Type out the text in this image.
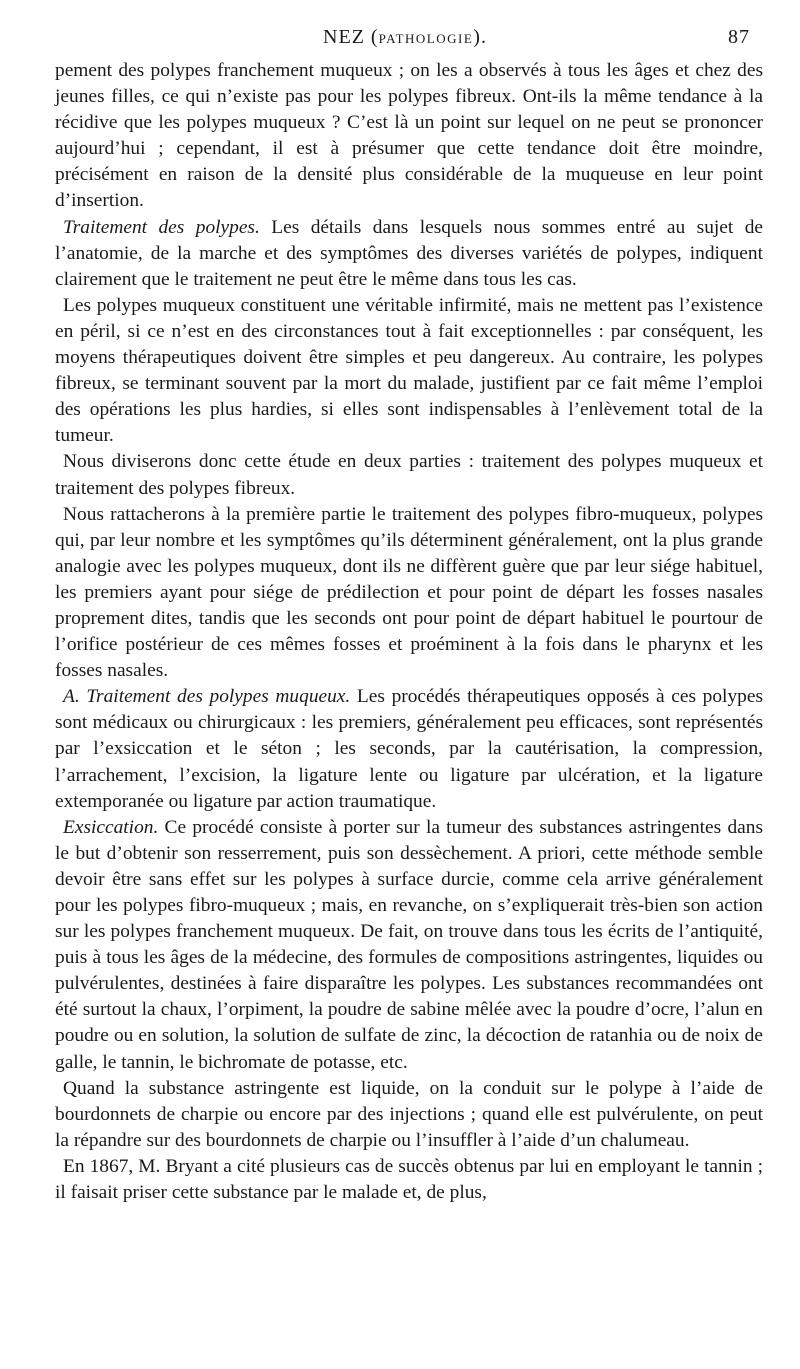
NEZ (PATHOLOGIE).	87

pement des polypes franchement muqueux ; on les a observés à tous les âges et chez des jeunes filles, ce qui n’existe pas pour les polypes fibreux. Ont-ils la même tendance à la récidive que les polypes muqueux ? C’est là un point sur lequel on ne peut se prononcer aujourd’hui ; cependant, il est à présumer que cette tendance doit être moindre, précisément en raison de la densité plus considérable de la muqueuse en leur point d’insertion.

Traitement des polypes. Les détails dans lesquels nous sommes entré au sujet de l’anatomie, de la marche et des symptômes des diverses variétés de polypes, indiquent clairement que le traitement ne peut être le même dans tous les cas.

Les polypes muqueux constituent une véritable infirmité, mais ne mettent pas l’existence en péril, si ce n’est en des circonstances tout à fait exceptionnelles : par conséquent, les moyens thérapeutiques doivent être simples et peu dangereux. Au contraire, les polypes fibreux, se terminant souvent par la mort du malade, justifient par ce fait même l’emploi des opérations les plus hardies, si elles sont indispensables à l’enlèvement total de la tumeur.

Nous diviserons donc cette étude en deux parties : traitement des polypes muqueux et traitement des polypes fibreux.

Nous rattacherons à la première partie le traitement des polypes fibro-muqueux, polypes qui, par leur nombre et les symptômes qu’ils déterminent généralement, ont la plus grande analogie avec les polypes muqueux, dont ils ne diffèrent guère que par leur siége habituel, les premiers ayant pour siége de prédilection et pour point de départ les fosses nasales proprement dites, tandis que les seconds ont pour point de départ habituel le pourtour de l’orifice postérieur de ces mêmes fosses et proéminent à la fois dans le pharynx et les fosses nasales.

A. Traitement des polypes muqueux. Les procédés thérapeutiques opposés à ces polypes sont médicaux ou chirurgicaux : les premiers, généralement peu efficaces, sont représentés par l’exsiccation et le séton ; les seconds, par la cautérisation, la compression, l’arrachement, l’excision, la ligature lente ou ligature par ulcération, et la ligature extemporanée ou ligature par action traumatique.

Exsiccation. Ce procédé consiste à porter sur la tumeur des substances astringentes dans le but d’obtenir son resserrement, puis son dessèchement. A priori, cette méthode semble devoir être sans effet sur les polypes à surface durcie, comme cela arrive généralement pour les polypes fibro-muqueux ; mais, en revanche, on s’expliquerait très-bien son action sur les polypes franchement muqueux. De fait, on trouve dans tous les écrits de l’antiquité, puis à tous les âges de la médecine, des formules de compositions astringentes, liquides ou pulvérulentes, destinées à faire disparaître les polypes. Les substances recommandées ont été surtout la chaux, l’orpiment, la poudre de sabine mêlée avec la poudre d’ocre, l’alun en poudre ou en solution, la solution de sulfate de zinc, la décoction de ratanhia ou de noix de galle, le tannin, le bichromate de potasse, etc.

Quand la substance astringente est liquide, on la conduit sur le polype à l’aide de bourdonnets de charpie ou encore par des injections ; quand elle est pulvérulente, on peut la répandre sur des bourdonnets de charpie ou l’insuffler à l’aide d’un chalumeau.

En 1867, M. Bryant a cité plusieurs cas de succès obtenus par lui en employant le tannin ; il faisait priser cette substance par le malade et, de plus,
